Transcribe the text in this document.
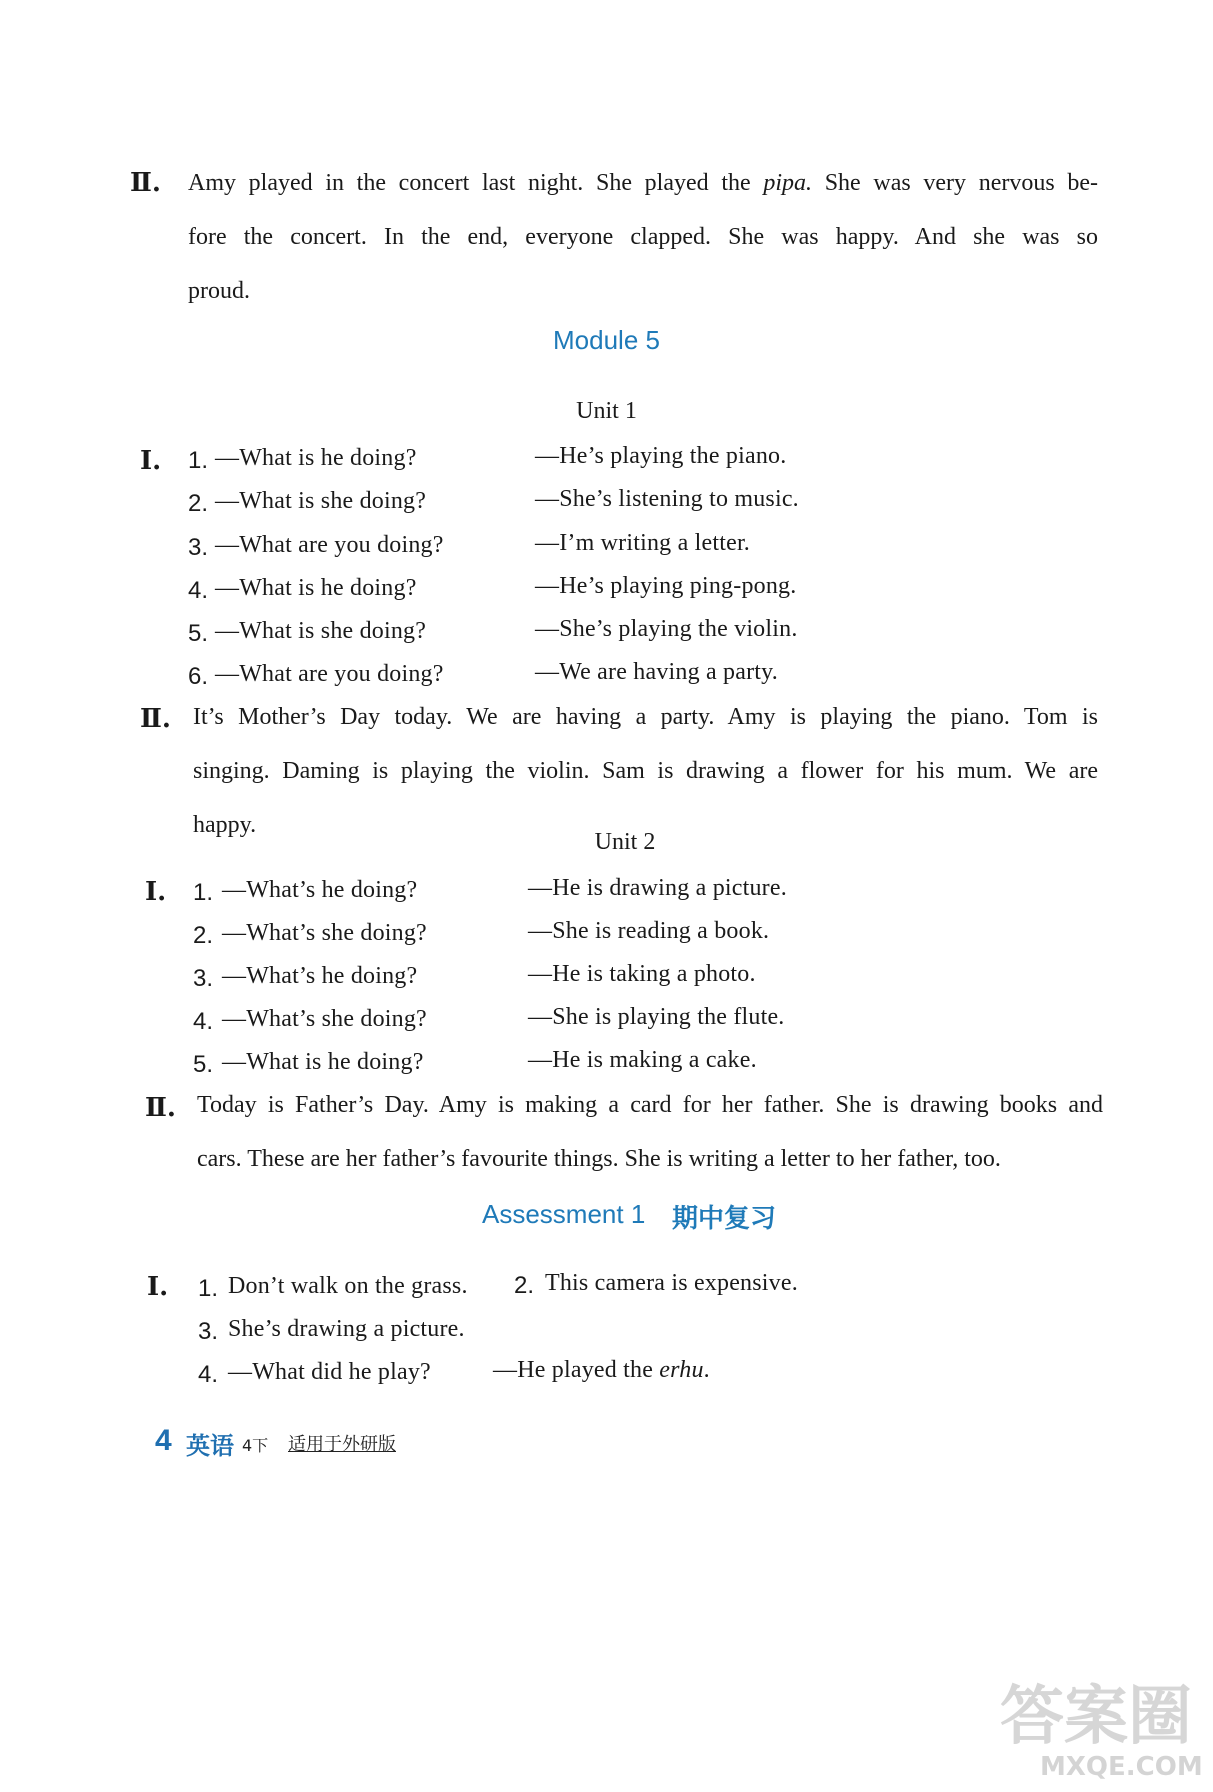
Ⅱ. Amy played in the concert last night. She played the pipa. She was very nervous be-
fore the concert. In the end, everyone clapped. She was happy. And she was so
proud.
Module 5
Unit 1
Ⅰ. 1. —What is he doing?	—He’s playing the piano.
2. —What is she doing?	—She’s listening to music.
3. —What are you doing?	—I’m writing a letter.
4. —What is he doing?	—He’s playing ping-pong.
5. —What is she doing?	—She’s playing the violin.
6. —What are you doing?	—We are having a party.
Ⅱ. It’s Mother’s Day today. We are having a party. Amy is playing the piano. Tom is
singing. Daming is playing the violin. Sam is drawing a flower for his mum. We are
happy.
Unit 2
Ⅰ. 1. —What’s he doing?	—He is drawing a picture.
2. —What’s she doing?	—She is reading a book.
3. —What’s he doing?	—He is taking a photo.
4. —What’s she doing?	—She is playing the flute.
5. —What is he doing?	—He is making a cake.
Ⅱ. Today is Father’s Day. Amy is making a card for her father. She is drawing books and
cars. These are her father’s favourite things. She is writing a letter to her father, too.
Assessment 1 期中复习
Ⅰ. 1. Don’t walk on the grass. 2. This camera is expensive.
3. She’s drawing a picture.
4. —What did he play?	—He played the erhu.
4 英语 4下 适用于外研版
答案圈
MXQE.COM
